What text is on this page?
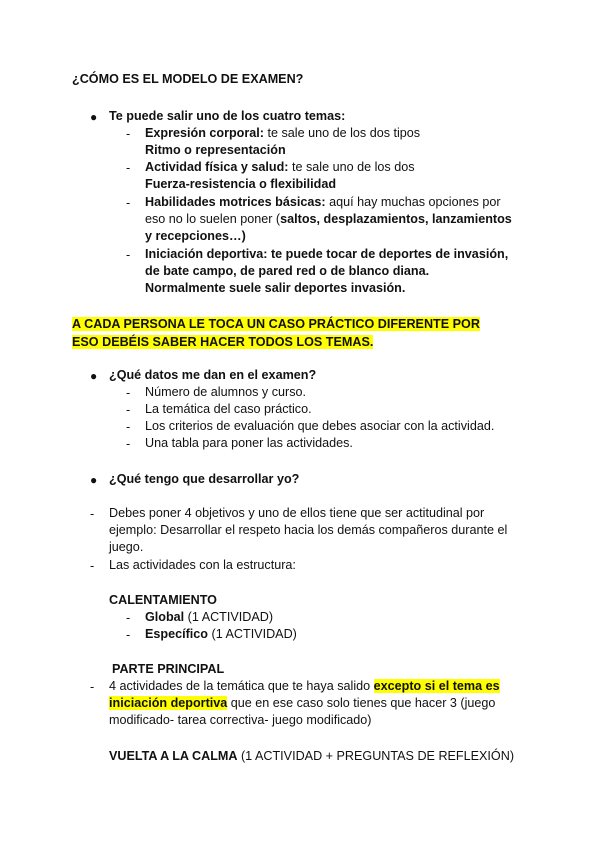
¿CÓMO ES EL MODELO DE EXAMEN?
● Te puede salir uno de los cuatro temas:
- Expresión corporal: te sale uno de los dos tipos
Ritmo o representación
- Actividad física y salud: te sale uno de los dos
Fuerza-resistencia o flexibilidad
- Habilidades motrices básicas: aquí hay muchas opciones por
eso no lo suelen poner (saltos, desplazamientos, lanzamientos
y recepciones…)
- Iniciación deportiva: te puede tocar de deportes de invasión,
de bate campo, de pared red o de blanco diana.
Normalmente suele salir deportes invasión.
A CADA PERSONA LE TOCA UN CASO PRÁCTICO DIFERENTE POR
ESO DEBÉIS SABER HACER TODOS LOS TEMAS.
● ¿Qué datos me dan en el examen?
- Número de alumnos y curso.
- La temática del caso práctico.
- Los criterios de evaluación que debes asociar con la actividad.
- Una tabla para poner las actividades.
● ¿Qué tengo que desarrollar yo?
- Debes poner 4 objetivos y uno de ellos tiene que ser actitudinal por
ejemplo: Desarrollar el respeto hacia los demás compañeros durante el
juego.
- Las actividades con la estructura:
CALENTAMIENTO
- Global (1 ACTIVIDAD)
- Específico (1 ACTIVIDAD)
PARTE PRINCIPAL
- 4 actividades de la temática que te haya salido excepto si el tema es
iniciación deportiva que en ese caso solo tienes que hacer 3 (juego
modificado- tarea correctiva- juego modificado)
VUELTA A LA CALMA (1 ACTIVIDAD + PREGUNTAS DE REFLEXIÓN)
